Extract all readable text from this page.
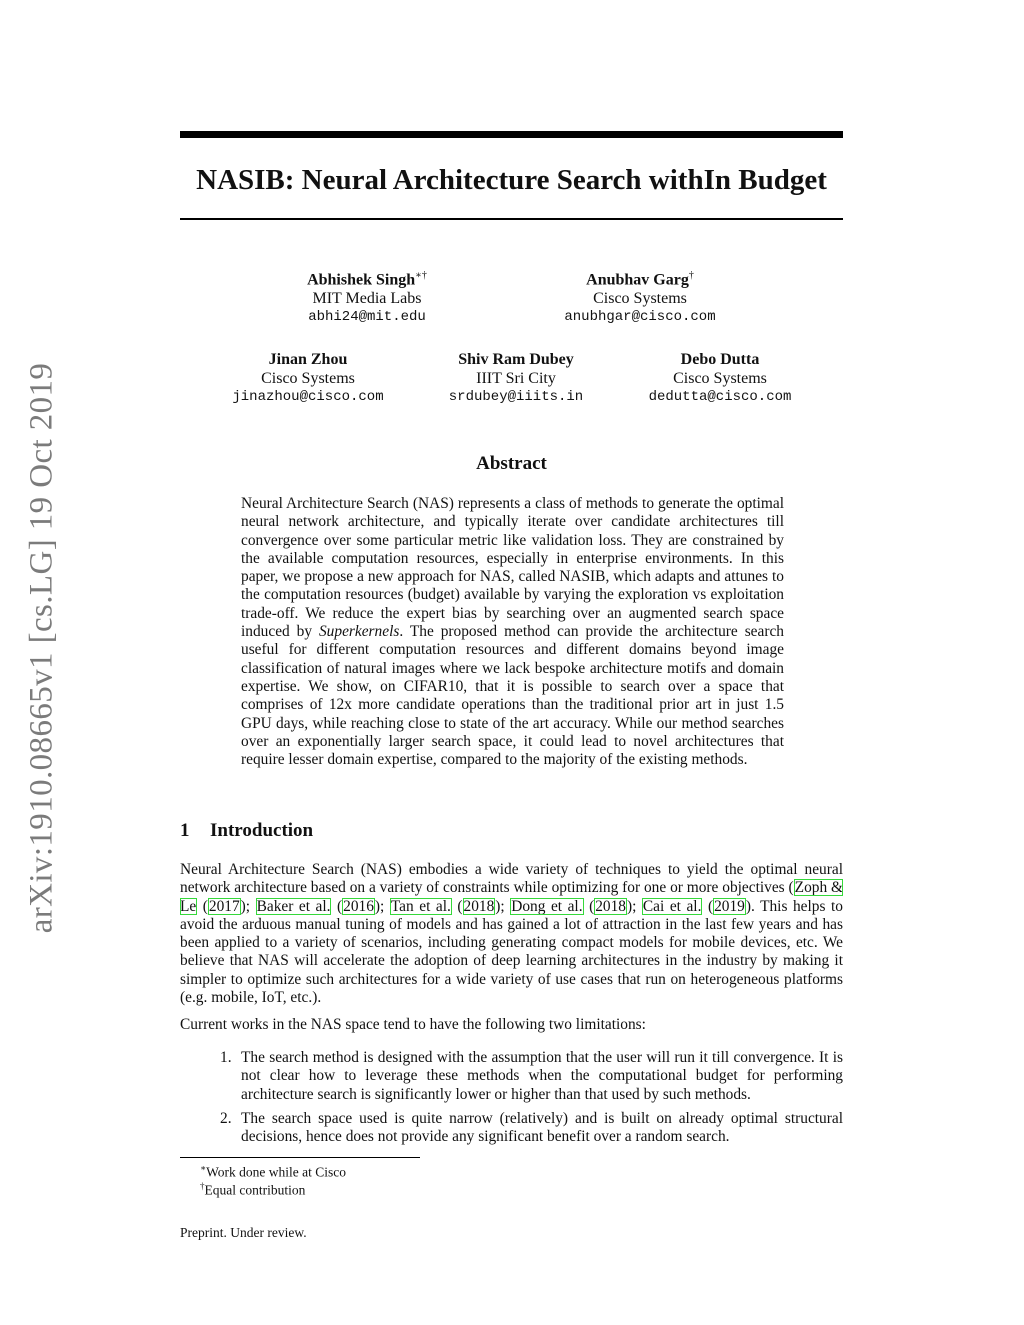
arXiv:1910.08665v1 [cs.LG] 19 Oct 2019
NASIB: Neural Architecture Search withIn Budget
Abhishek Singh∗†
MIT Media Labs
abhi24@mit.edu
Anubhav Garg†
Cisco Systems
anubhgar@cisco.com
Jinan Zhou
Cisco Systems
jinazhou@cisco.com
Shiv Ram Dubey
IIIT Sri City
srdubey@iiits.in
Debo Dutta
Cisco Systems
dedutta@cisco.com
Abstract

Neural Architecture Search (NAS) represents a class of methods to generate the optimal neural network architecture, and typically iterate over candidate architectures till convergence over some particular metric like validation loss. They are constrained by the available computation resources, especially in enterprise environments. In this paper, we propose a new approach for NAS, called NASIB, which adapts and attunes to the computation resources (budget) available by varying the exploration vs exploitation trade-off. We reduce the expert bias by searching over an augmented search space induced by Superkernels. The proposed method can provide the architecture search useful for different computation resources and different domains beyond image classification of natural images where we lack bespoke architecture motifs and domain expertise. We show, on CIFAR10, that it is possible to search over a space that comprises of 12x more candidate operations than the traditional prior art in just 1.5 GPU days, while reaching close to state of the art accuracy. While our method searches over an exponentially larger search space, it could lead to novel architectures that require lesser domain expertise, compared to the majority of the existing methods.

1 Introduction

Neural Architecture Search (NAS) embodies a wide variety of techniques to yield the optimal neural network architecture based on a variety of constraints while optimizing for one or more objectives (Zoph & Le (2017); Baker et al. (2016); Tan et al. (2018); Dong et al. (2018); Cai et al. (2019). This helps to avoid the arduous manual tuning of models and has gained a lot of attraction in the last few years and has been applied to a variety of scenarios, including generating compact models for mobile devices, etc. We believe that NAS will accelerate the adoption of deep learning architectures in the industry by making it simpler to optimize such architectures for a wide variety of use cases that run on heterogeneous platforms (e.g. mobile, IoT, etc.).

Current works in the NAS space tend to have the following two limitations:

1. The search method is designed with the assumption that the user will run it till convergence. It is not clear how to leverage these methods when the computational budget for performing architecture search is significantly lower or higher than that used by such methods.
2. The search space used is quite narrow (relatively) and is built on already optimal structural decisions, hence does not provide any significant benefit over a random search.

∗Work done while at Cisco

†Equal contribution

Preprint. Under review.
